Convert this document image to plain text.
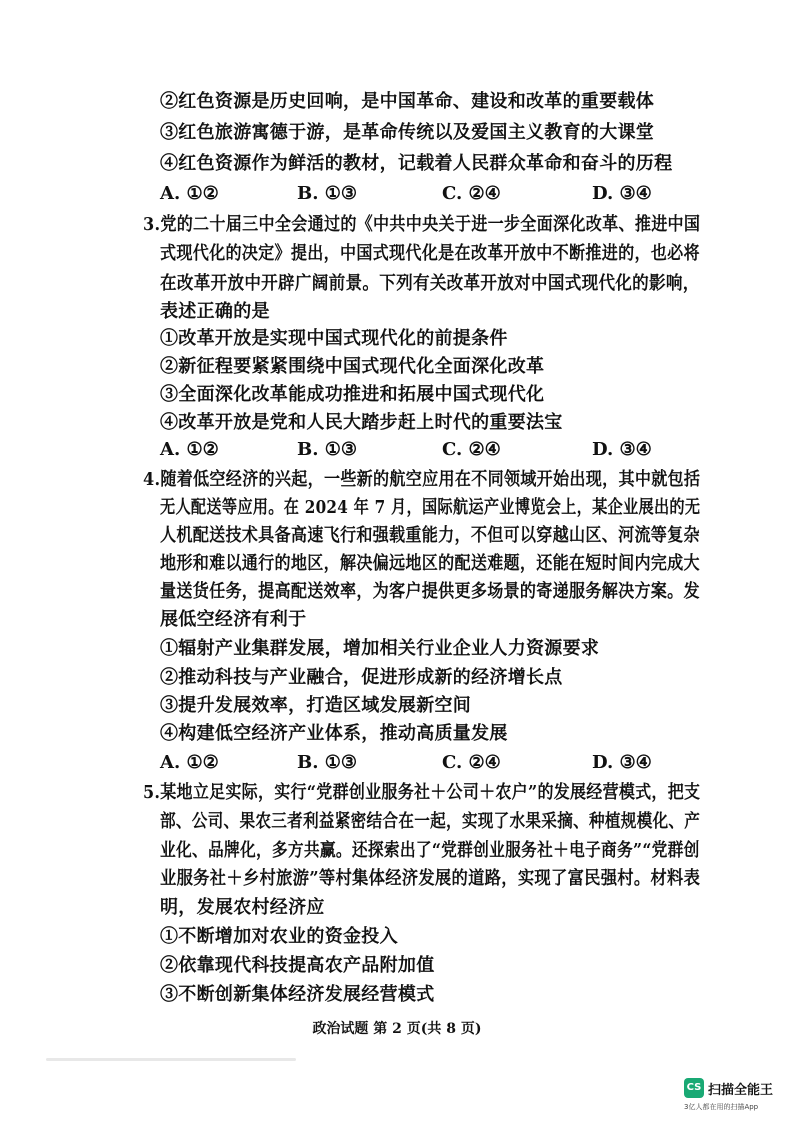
②红色资源是历史回响，是中国革命、建设和改革的重要载体
③红色旅游寓德于游，是革命传统以及爱国主义教育的大课堂
④红色资源作为鲜活的教材，记载着人民群众革命和奋斗的历程
A. ①②	B. ①③	C. ②④	D. ③④
3.党的二十届三中全会通过的《中共中央关于进一步全面深化改革、推进中国
式现代化的决定》提出，中国式现代化是在改革开放中不断推进的，也必将
在改革开放中开辟广阔前景。下列有关改革开放对中国式现代化的影响，
表述正确的是
①改革开放是实现中国式现代化的前提条件
②新征程要紧紧围绕中国式现代化全面深化改革
③全面深化改革能成功推进和拓展中国式现代化
④改革开放是党和人民大踏步赶上时代的重要法宝
A. ①②	B. ①③	C. ②④	D. ③④
4.随着低空经济的兴起，一些新的航空应用在不同领域开始出现，其中就包括
无人配送等应用。在 2024 年 7 月，国际航运产业博览会上，某企业展出的无
人机配送技术具备高速飞行和强载重能力，不但可以穿越山区、河流等复杂
地形和难以通行的地区，解决偏远地区的配送难题，还能在短时间内完成大
量送货任务，提高配送效率，为客户提供更多场景的寄递服务解决方案。发
展低空经济有利于
①辐射产业集群发展，增加相关行业企业人力资源要求
②推动科技与产业融合，促进形成新的经济增长点
③提升发展效率，打造区域发展新空间
④构建低空经济产业体系，推动高质量发展
A. ①②	B. ①③	C. ②④	D. ③④
5.某地立足实际，实行“党群创业服务社＋公司＋农户”的发展经营模式，把支
部、公司、果农三者利益紧密结合在一起，实现了水果采摘、种植规模化、产
业化、品牌化，多方共赢。还探索出了“党群创业服务社＋电子商务”“党群创
业服务社＋乡村旅游”等村集体经济发展的道路，实现了富民强村。材料表
明，发展农村经济应
①不断增加对农业的资金投入
②依靠现代科技提高农产品附加值
③不断创新集体经济发展经营模式
政治试题 第 2 页(共 8 页)
CS 扫描全能王
3亿人都在用的扫描App
